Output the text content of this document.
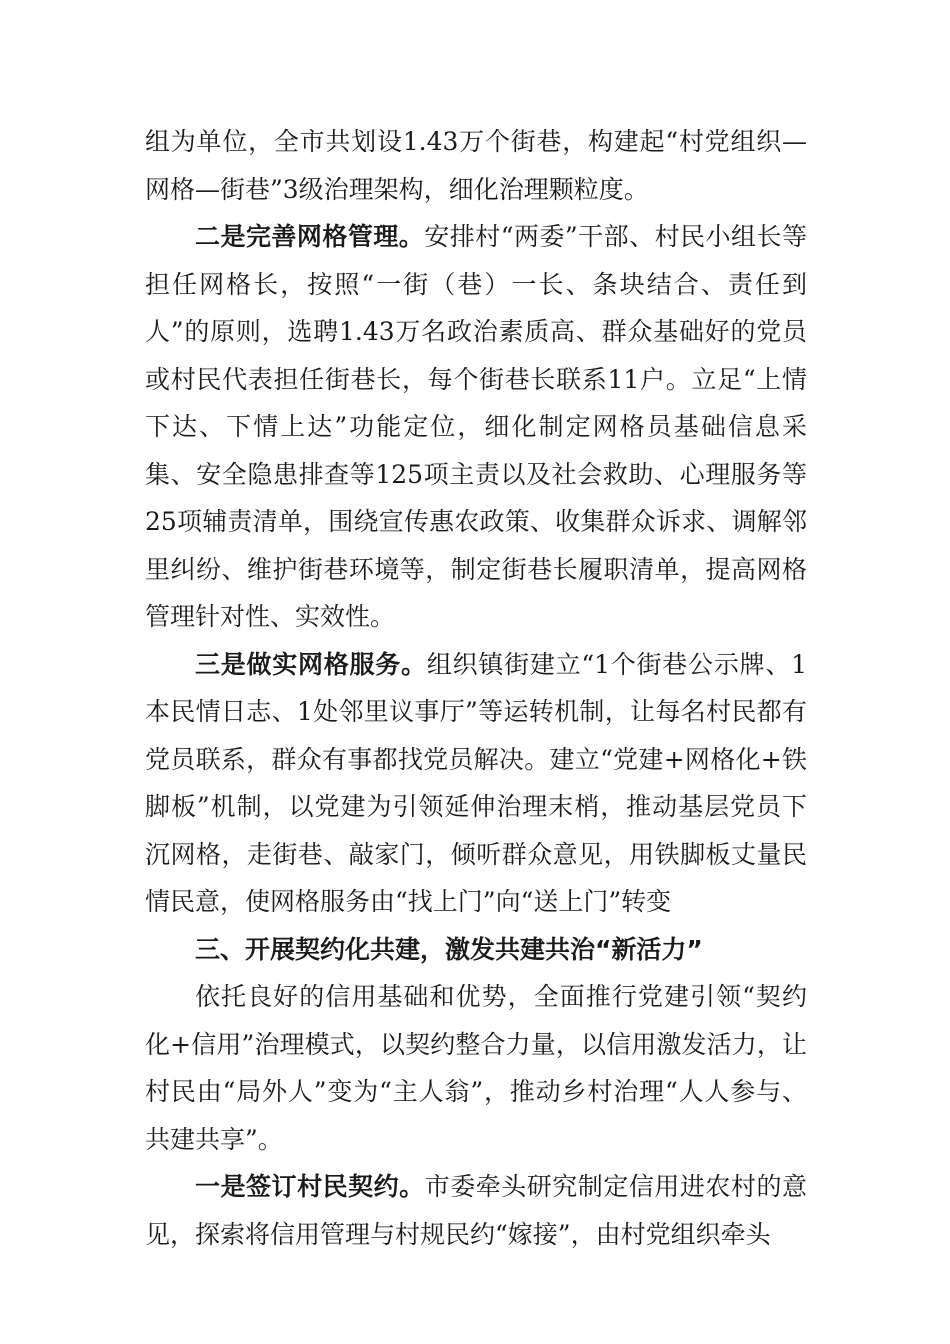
组为单位，全市共划设1.43万个街巷，构建起“村党组织—网格—街巷”3级治理架构，细化治理颗粒度。

二是完善网格管理。安排村“两委”干部、村民小组长等担任网格长，按照“一街（巷）一长、条块结合、责任到人”的原则，选聘1.43万名政治素质高、群众基础好的党员或村民代表担任街巷长，每个街巷长联系11户。立足“上情下达、下情上达”功能定位，细化制定网格员基础信息采集、安全隐患排查等125项主责以及社会救助、心理服务等25项辅责清单，围绕宣传惠农政策、收集群众诉求、调解邻里纠纷、维护街巷环境等，制定街巷长履职清单，提高网格管理针对性、实效性。

三是做实网格服务。组织镇街建立“1个街巷公示牌、1本民情日志、1处邻里议事厅”等运转机制，让每名村民都有党员联系，群众有事都找党员解决。建立“党建+网格化+铁脚板”机制，以党建为引领延伸治理末梢，推动基层党员下沉网格，走街巷、敲家门，倾听群众意见，用铁脚板丈量民情民意，使网格服务由“找上门”向“送上门”转变

三、开展契约化共建，激发共建共治“新活力”

依托良好的信用基础和优势，全面推行党建引领“契约化+信用”治理模式，以契约整合力量，以信用激发活力，让村民由“局外人”变为“主人翁”，推动乡村治理“人人参与、共建共享”。

一是签订村民契约。市委牵头研究制定信用进农村的意见，探索将信用管理与村规民约“嫁接”，由村党组织牵头
